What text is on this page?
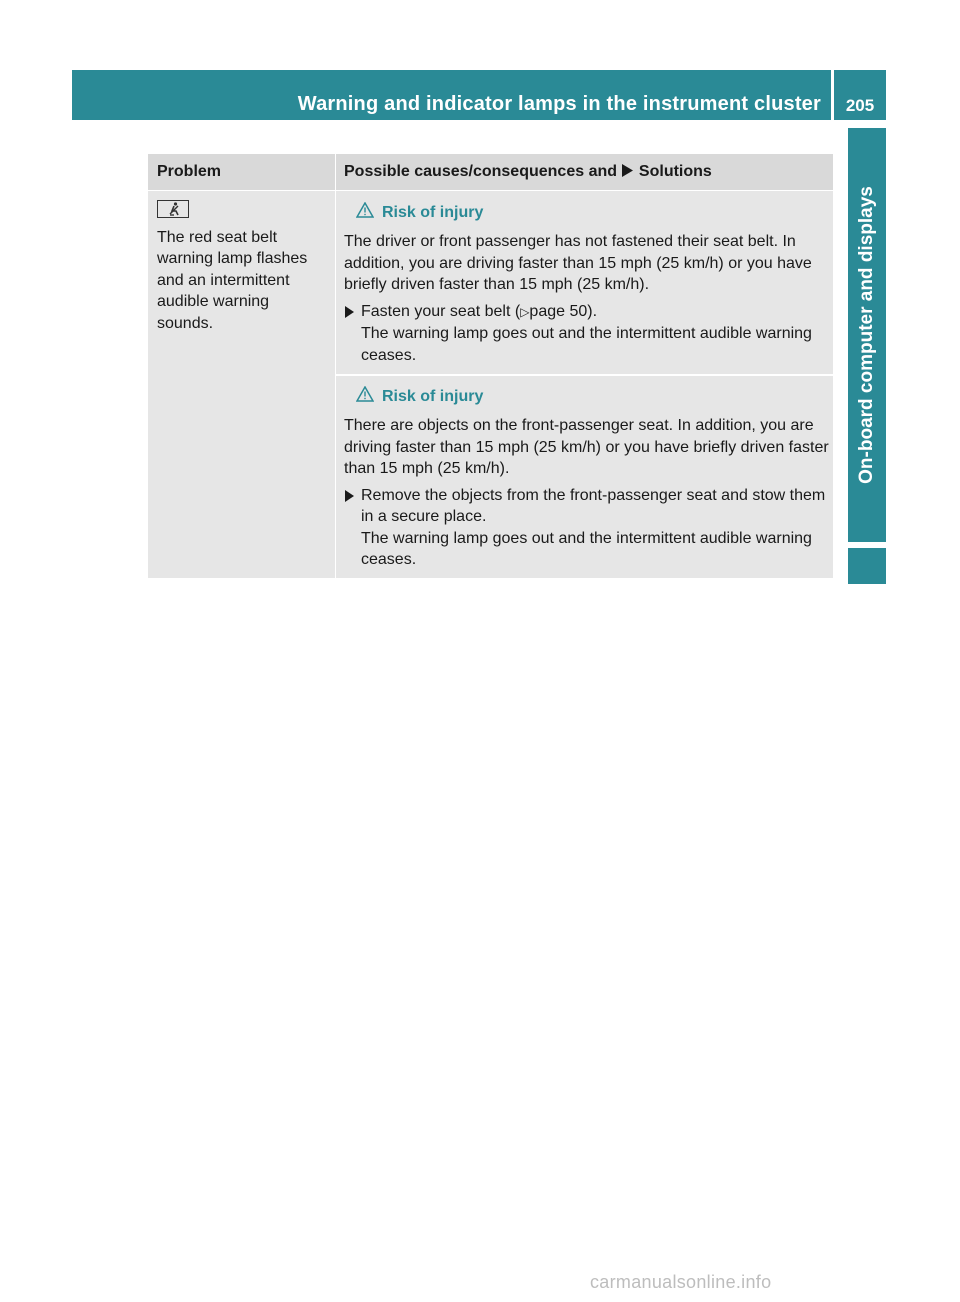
Warning and indicator lamps in the instrument cluster	205
On-board computer and displays
Problem	Possible causes/consequences and Solutions
The red seat belt warning lamp flashes and an intermittent audible warning sounds.
Risk of injury

The driver or front passenger has not fastened their seat belt. In addition, you are driving faster than 15 mph (25 km/h) or you have briefly driven faster than 15 mph (25 km/h).

Fasten your seat belt (▷page 50).
The warning lamp goes out and the intermittent audible warning ceases.
Risk of injury

There are objects on the front-passenger seat. In addition, you are driving faster than 15 mph (25 km/h) or you have briefly driven faster than 15 mph (25 km/h).

Remove the objects from the front-passenger seat and stow them in a secure place.
The warning lamp goes out and the intermittent audible warning ceases.
carmanualsonline.info
